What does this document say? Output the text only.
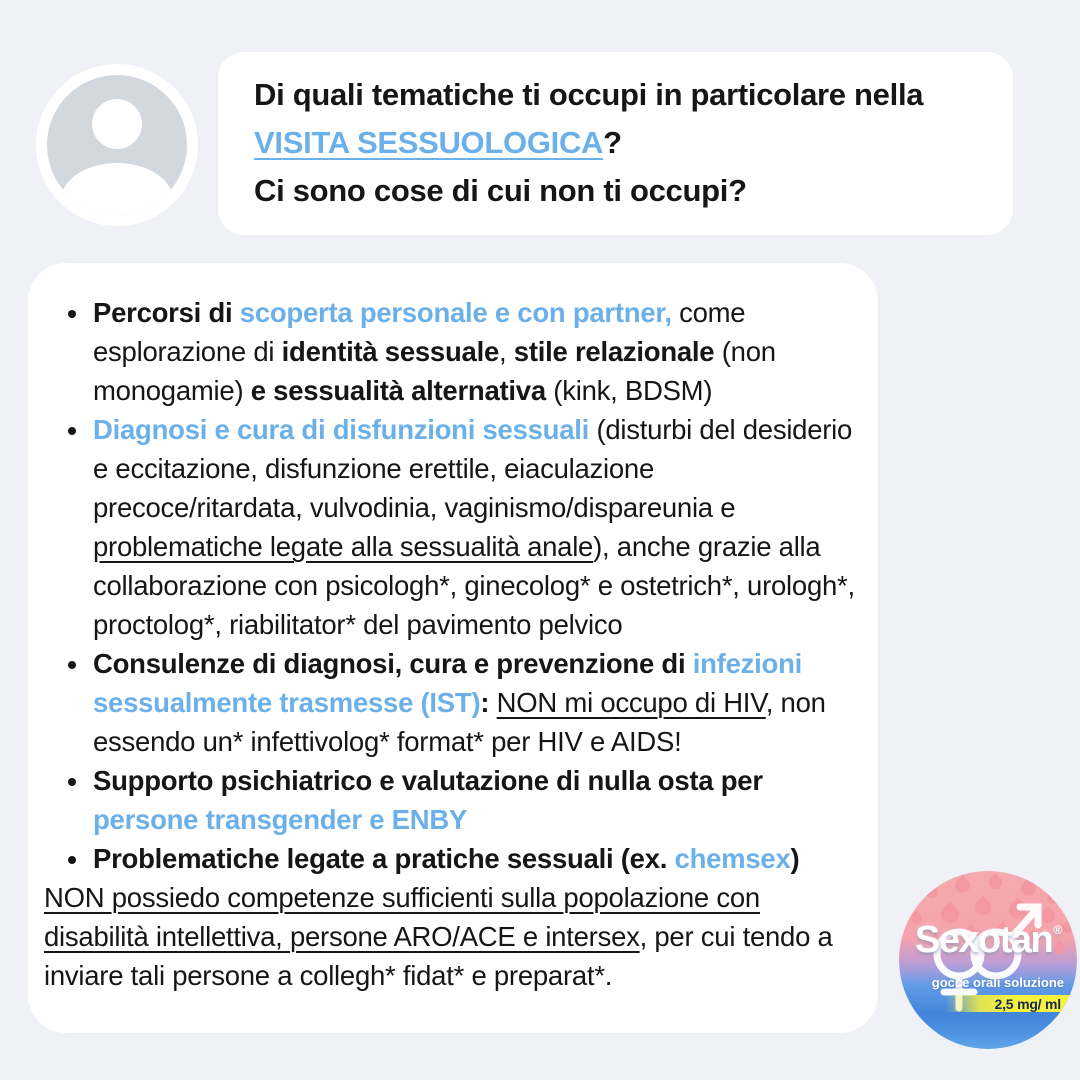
Di quali tematiche ti occupi in particolare nella VISITA SESSUOLOGICA?

Ci sono cose di cui non ti occupi?

• Percorsi di scoperta personale e con partner, come esplorazione di identità sessuale, stile relazionale (non monogamie) e sessualità alternativa (kink, BDSM)
• Diagnosi e cura di disfunzioni sessuali (disturbi del desiderio e eccitazione, disfunzione erettile, eiaculazione precoce/ritardata, vulvodinia, vaginismo/dispareunia e problematiche legate alla sessualità anale), anche grazie alla collaborazione con psicologh*, ginecolog* e ostetrich*, urologh*, proctolog*, riabilitator* del pavimento pelvico
• Consulenze di diagnosi, cura e prevenzione di infezioni sessualmente trasmesse (IST): NON mi occupo di HIV, non essendo un* infettivolog* format* per HIV e AIDS!
• Supporto psichiatrico e valutazione di nulla osta per persone transgender e ENBY
• Problematiche legate a pratiche sessuali (ex. chemsex)

NON possiedo competenze sufficienti sulla popolazione con disabilità intellettiva, persone ARO/ACE e intersex, per cui tendo a inviare tali persone a collegh* fidat* e preparat*.

Sexotan®
gocce orali soluzione
2,5 mg/ ml
